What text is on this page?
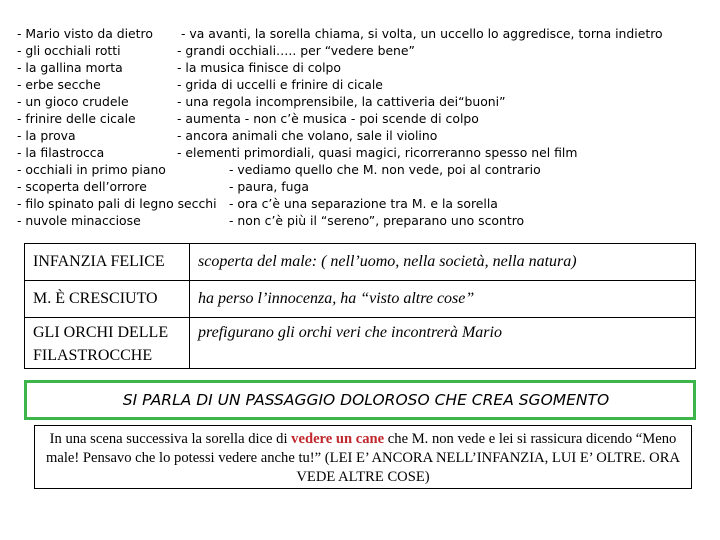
- Mario visto da dietro - va avanti, la sorella chiama, si volta, un uccello lo aggredisce, torna indietro
- gli occhiali rotti	- grandi occhiali….. per “vedere bene”
- la gallina morta	- la musica finisce di colpo
- erbe secche	- grida di uccelli e frinire di cicale
- un gioco crudele	- una regola incomprensibile, la cattiveria dei“buoni”
- frinire delle cicale	- aumenta - non c’è musica - poi scende di colpo
- la prova	- ancora animali che volano, sale il violino
- la filastrocca	- elementi primordiali, quasi magici, ricorreranno spesso nel film
- occhiali in primo piano	- vediamo quello che M. non vede, poi al contrario
- scoperta dell’orrore	- paura, fuga
- filo spinato pali di legno secchi - ora c’è una separazione tra M. e la sorella
- nuvole minacciose	- non c’è più il “sereno”, preparano uno scontro
INFANZIA FELICE	scoperta del male: ( nell’uomo, nella società, nella natura)
M. È CRESCIUTO	ha perso l’innocenza, ha “visto altre cose”
GLI ORCHI DELLE FILASTROCCHE	prefigurano gli orchi veri che incontrerà Mario
SI PARLA DI UN PASSAGGIO DOLOROSO CHE CREA SGOMENTO
In una scena successiva la sorella dice di vedere un cane che M. non vede e lei si rassicura dicendo “Meno male! Pensavo che lo potessi vedere anche tu!” (LEI E’ ANCORA NELL’INFANZIA, LUI E’ OLTRE. ORA VEDE ALTRE COSE)
